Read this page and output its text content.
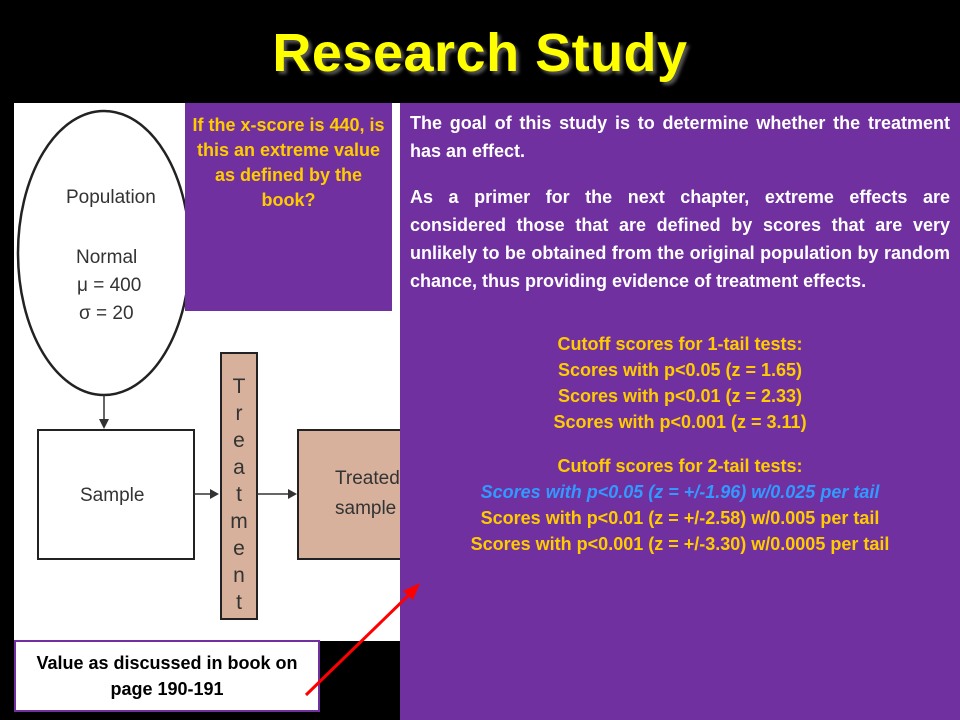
Research Study
Population
Normal
μ = 400
σ = 20
Sample
T
r
e
a
t
m
e
n
t
Treated
sample
If the x-score is 440, is this an extreme value as defined by the book?

The goal of this study is to determine whether the treatment has an effect.

As a primer for the next chapter, extreme effects are considered those that are defined by scores that are very unlikely to be obtained from the original population by random chance, thus providing evidence of treatment effects.

Cutoff scores for 1-tail tests:
Scores with p<0.05 (z = 1.65)
Scores with p<0.01 (z = 2.33)
Scores with p<0.001 (z = 3.11)
Cutoff scores for 2-tail tests:
Scores with p<0.05 (z = +/-1.96) w/0.025 per tail
Scores with p<0.01 (z = +/-2.58) w/0.005 per tail
Scores with p<0.001 (z = +/-3.30) w/0.0005 per tail
Value as discussed in book on page 190-191
